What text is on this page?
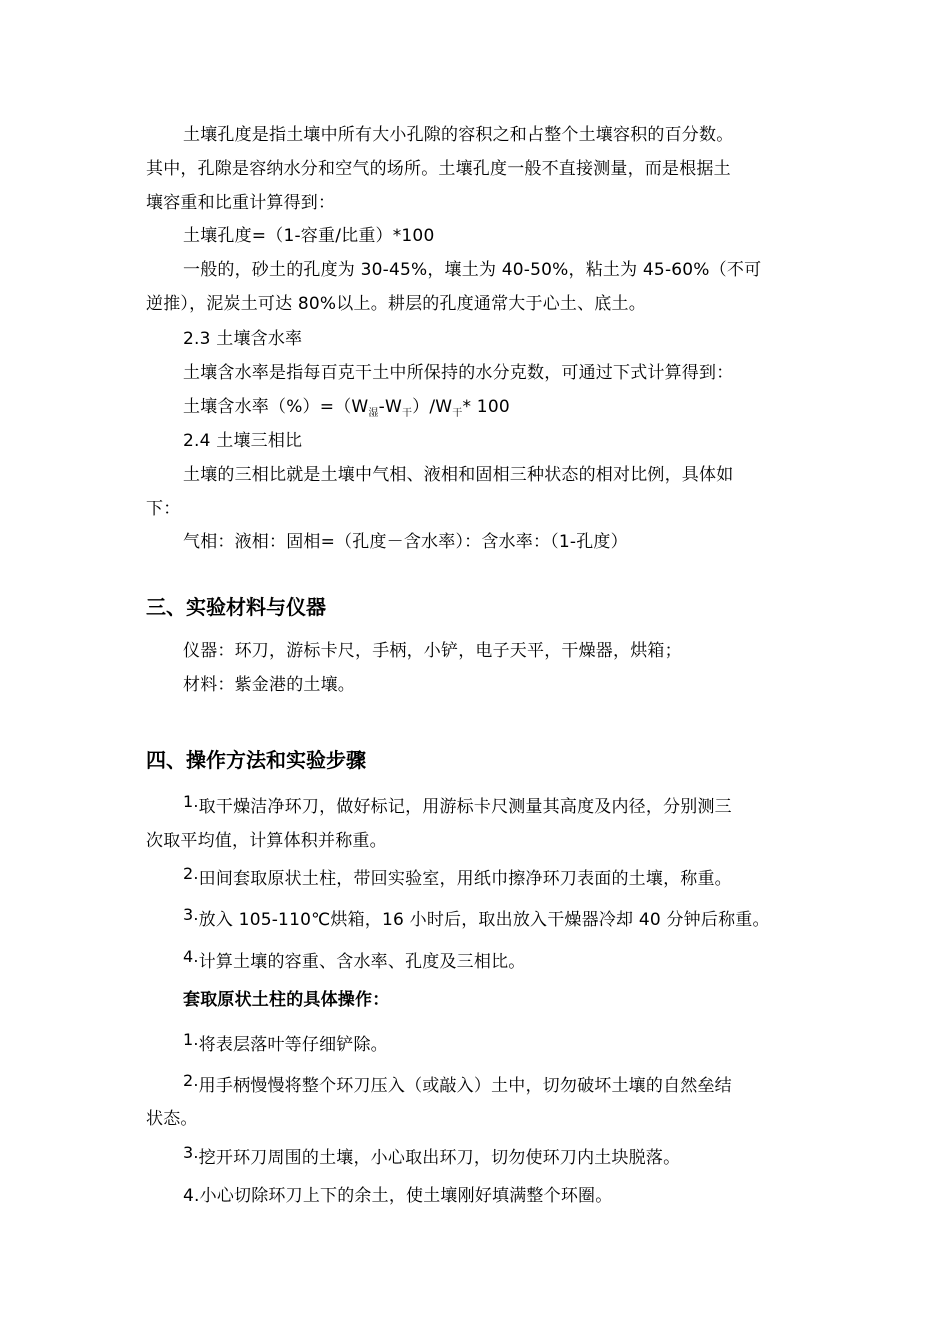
土壤孔度是指土壤中所有大小孔隙的容积之和占整个土壤容积的百分数。
其中，孔隙是容纳水分和空气的场所。土壤孔度一般不直接测量，而是根据土
壤容重和比重计算得到：
土壤孔度=（1-容重/比重）*100
一般的，砂土的孔度为 30-45%，壤土为 40-50%，粘土为 45-60%（不可
逆推），泥炭土可达 80%以上。耕层的孔度通常大于心土、底土。
2.3 土壤含水率
土壤含水率是指每百克干土中所保持的水分克数，可通过下式计算得到：
土壤含水率$(\%)=(W_湿-W_干)/W_干*$ 100
2.4 土壤三相比
土壤的三相比就是土壤中气相、液相和固相三种状态的相对比例，具体如
下：
气相：液相：固相=（孔度－含水率）：含水率：（1-孔度）
三、实验材料与仪器
仪器：环刀，游标卡尺，手柄，小铲，电子天平，干燥器，烘箱；
材料：紫金港的土壤。
四、操作方法和实验步骤
1.取干燥洁净环刀，做好标记，用游标卡尺测量其高度及内径，分别测三
次取平均值，计算体积并称重。
2.田间套取原状土柱，带回实验室，用纸巾擦净环刀表面的土壤，称重。
3.放入 105-110℃烘箱，16 小时后，取出放入干燥器冷却 40 分钟后称重。
4.计算土壤的容重、含水率、孔度及三相比。
套取原状土柱的具体操作：
1.将表层落叶等仔细铲除。
2.用手柄慢慢将整个环刀压入（或敲入）土中，切勿破坏土壤的自然垒结
状态。
3.挖开环刀周围的土壤，小心取出环刀，切勿使环刀内土块脱落。
4.小心切除环刀上下的余土，使土壤刚好填满整个环圈。
